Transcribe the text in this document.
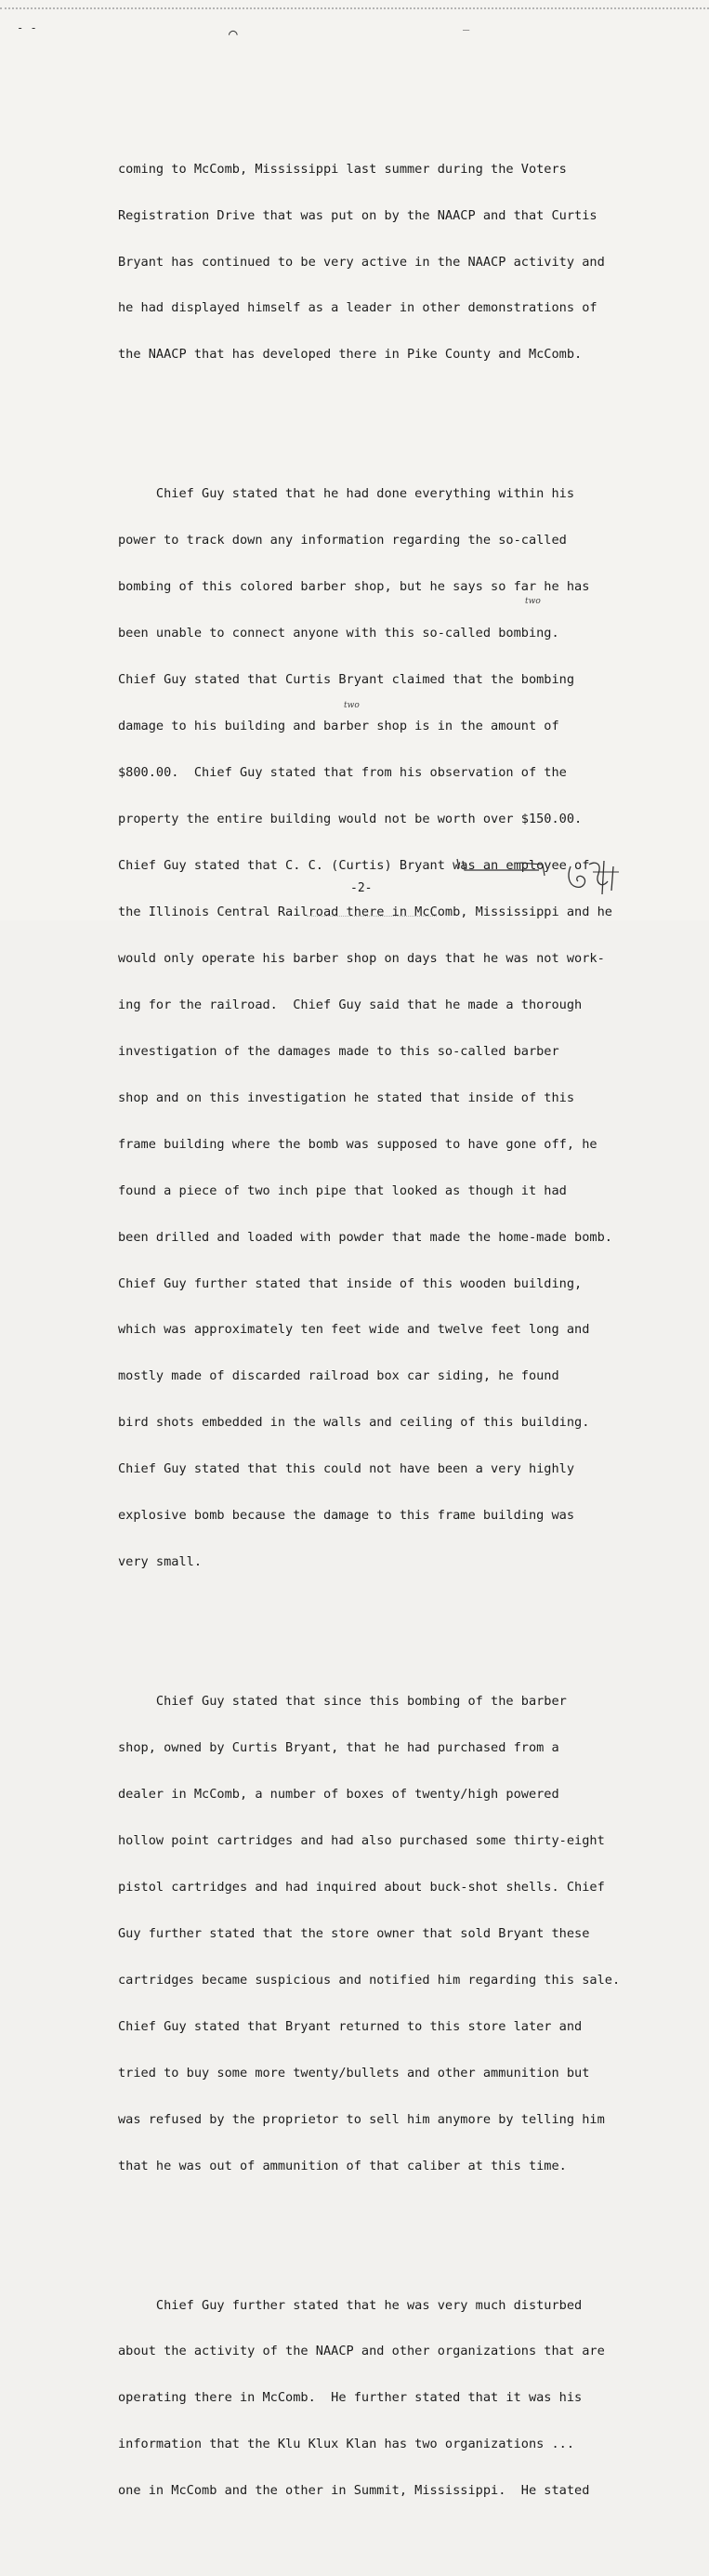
- -	⌒	‾

coming to McComb, Mississippi last summer during the Voters

Registration Drive that was put on by the NAACP and that Curtis

Bryant has continued to be very active in the NAACP activity and

he had displayed himself as a leader in other demonstrations of

the NAACP that has developed there in Pike County and McComb.

Chief Guy stated that he had done everything within his

power to track down any information regarding the so-called

bombing of this colored barber shop, but he says so far he has

been unable to connect anyone with this so-called bombing.

Chief Guy stated that Curtis Bryant claimed that the bombing

damage to his building and barber shop is in the amount of

$800.00.  Chief Guy stated that from his observation of the

property the entire building would not be worth over $150.00.

Chief Guy stated that C. C. (Curtis) Bryant was an employee of

the Illinois Central Railroad there in McComb, Mississippi and he

would only operate his barber shop on days that he was not work-

ing for the railroad.  Chief Guy said that he made a thorough

investigation of the damages made to this so-called barber

shop and on this investigation he stated that inside of this

frame building where the bomb was supposed to have gone off, he

found a piece of two inch pipe that looked as though it had

been drilled and loaded with powder that made the home-made bomb.

Chief Guy further stated that inside of this wooden building,

which was approximately ten feet wide and twelve feet long and

mostly made of discarded railroad box car siding, he found

bird shots embedded in the walls and ceiling of this building.

Chief Guy stated that this could not have been a very highly

explosive bomb because the damage to this frame building was

very small.

Chief Guy stated that since this bombing of the barber

shop, owned by Curtis Bryant, that he had purchased from a

dealer in McComb, a number of boxes of twenty/high powered

hollow point cartridges and had also purchased some thirty-eight

pistol cartridges and had inquired about buck-shot shells. Chief

Guy further stated that the store owner that sold Bryant these

cartridges became suspicious and notified him regarding this sale.

Chief Guy stated that Bryant returned to this store later and

tried to buy some more twenty/bullets and other ammunition but

was refused by the proprietor to sell him anymore by telling him

that he was out of ammunition of that caliber at this time.

Chief Guy further stated that he was very much disturbed

about the activity of the NAACP and other organizations that are

operating there in McComb.  He further stated that it was his

information that the Klu Klux Klan has two organizations ...

one in McComb and the other in Summit, Mississippi.  He stated

two
two
-2-
